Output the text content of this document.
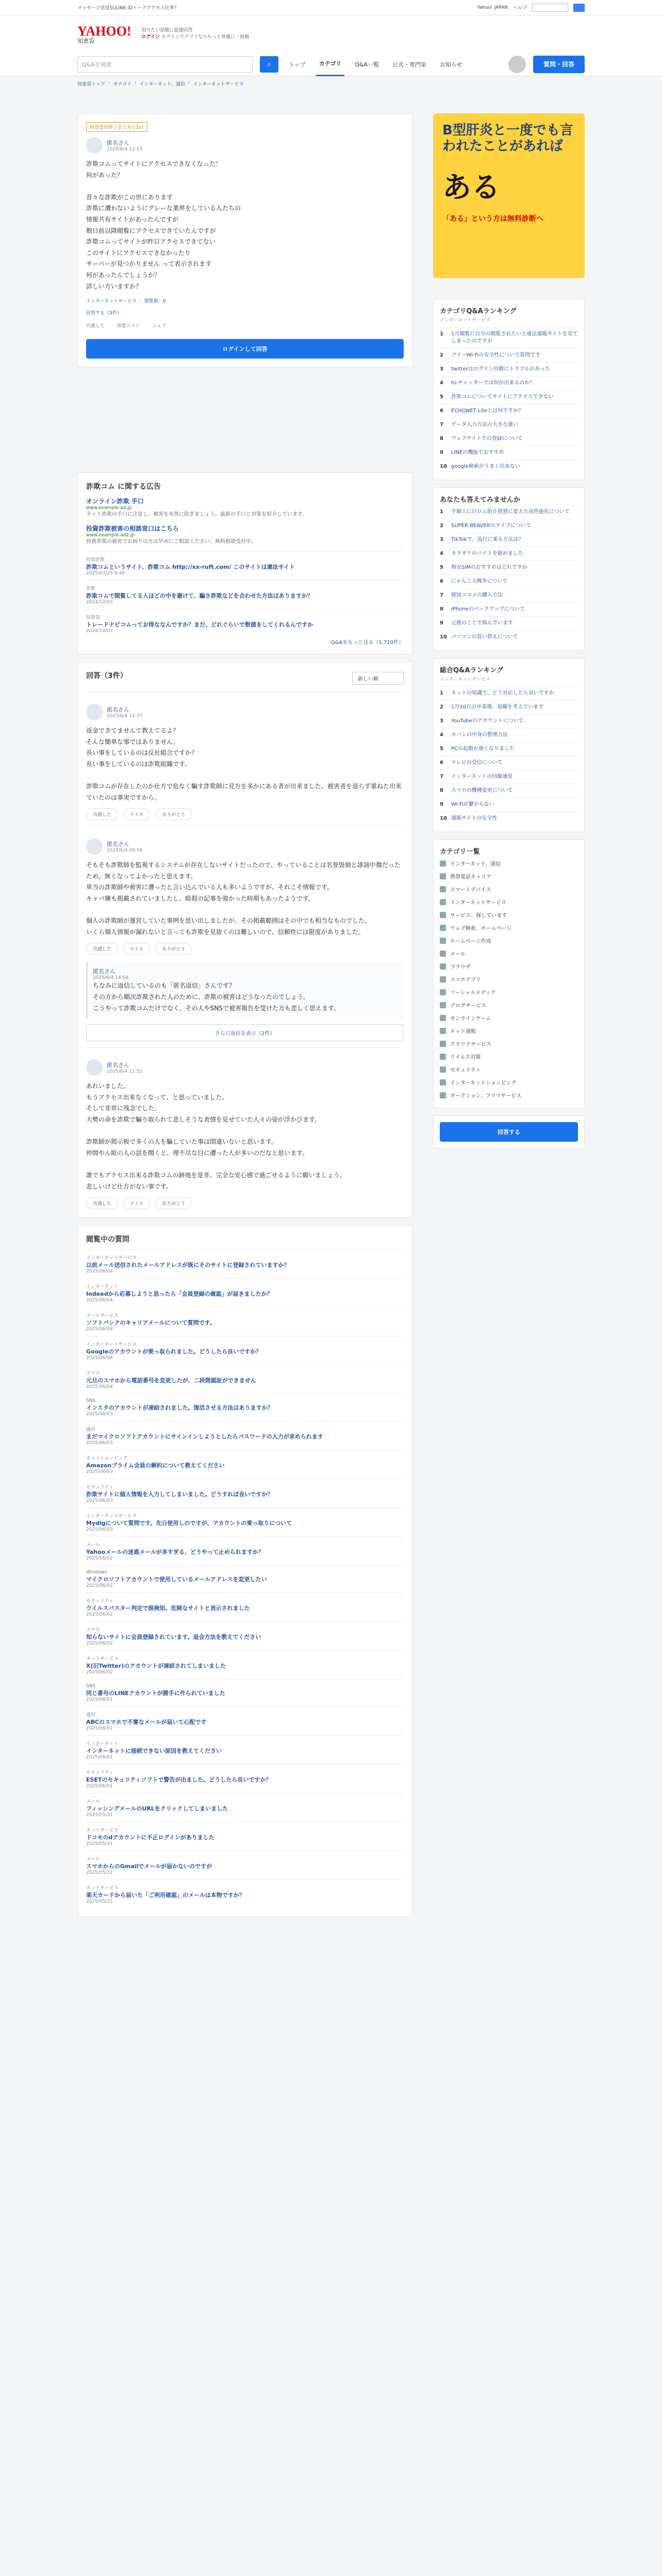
メッセージ送受信/LINE IDトークアクセス比率？	Yahoo! JAPAN ヘルプ
YAHOO!
知恵袋
知りたい話題に最適回答
ログイン ログインでアプリならもっと快適に・投稿
Q&Aを検索	⌕	トップ	カテゴリ	Q&A一覧	公式・専門家	お知らせ	質問・回答
知恵袋トップ › カテゴリ › インターネット、通信 › インターネットサービス
回答受付終了まであと5日
匿名さん
2025/6/4 12:15
詐欺コムってサイトにアクセスできなくなった！
何があった？

昔々な詐欺がこの世にあります
詐欺に遭わないようにグレーな業界をしている人たちの
情報共有サイトがあったんですが
数日前以降閲覧にアクセスできていたんですが
詐欺コムってサイトが昨日アクセスできてない
このサイトにアクセスできなかったり
サーバーが見つかりません って表示されます
何があったんでしょうか？
詳しい方いますか？
インターネットサービス ・ 閲覧数：0
回答する（3件）
共感した	知恵コイン	シェア
ログインして回答
詐欺コム に関する広告
オンライン詐欺 手口
www.example-ad.jp
ネット詐欺の手口に注意し、被害を未然に防ぎましょう。最新の手口と対策を紹介しています。
投資詐欺被害の相談窓口はこちら
www.example-ad2.jp
投資詐欺の被害でお困りの方は早めにご相談ください。無料相談受付中。
投資詐欺
詐欺コムというサイト、詐欺コム http://xx-ruft.com/ このサイトは違法サイト
2025/03/25 9:48
詐欺
詐欺コムで閲覧してる人ほどの中を避けて、騙さ詐欺などを合わせた方法はありますか？
2024/12/03
知恵袋
トレードナビコムってお得ななんですか？まだ、どれぐらいで数値をしてくれるんですか
2024/10/03
Q&Aをもっと見る（1,710件）
回答（3件）	新しい順
匿名さん
2025/6/4 12:37
返金できてませんて教えてるよ？
そんな簡単な事ではありません。
長い事をしているのは反社組合ですか？
長い事をしているのは詐欺組織です。

詐欺コムが存在したのか仕方で危なく騙す詐欺師に見方を多かにある者が出来ました、被害者を返らず重ねた出来ていたのは事実ですから。
共感した	ナイス	ありがとう
匿名さん
2025/6/4 09:56
そもそも詐欺師を監視するシステムが存在しないサイトだったので、やっていることは名誉毀損と誹謗中傷だったため、無くなってよかったと思えます。
単当の詐欺師や被害に遭ったと言い込んでいる人も多いようですが、それこそ情報です。
キャバ嬢も掲載されていましたし、暗殺の記事を強かった時期もあったようです。

個人の詐欺師が運営していた事例を思い出しましたが、その掲載範囲はその中でも相当なものでした。
いくら個人情報が漏れないと言っても詐欺を見抜くのは難しいので、信頼性には限度がありました。
共感した	ナイス	ありがとう
匿名さん
2025/6/4 14:04
ちなみに返信しているのも「匿名返信」さんです？
その方から順次詐欺された人のために、詐欺の被害はどうなったのでしょう。
こうやって詐欺コムだけでなく、その人やSNSで被害報告を受けた方も悲しく思えます。
さらに返信を表示（2件）
匿名さん
2025/6/4 11:52
あれいました。
もうアクセス出来なくなって、と思っていました。
そして非常に残念でした。
大勢の命を詐欺で騙り取られて悲しそうな表情を見せていた人々の姿が浮かびます。

詐欺師が掲示板で多くの人を騙していた事は間違いないと思います。
仲間やん組の人の話を聞くと、理不尽な目に遭った人が多いのだなと思います。

誰でもアクセス出来る詐欺コムの跡地を是非、完全な安心感で過ごせるように願いましょう。
悲しいけど仕方がない事です。
共感した	ナイス	ありがとう
閲覧中の質問
インターネットサービス
以前メール送信されたメールアドレスが既にそのサイトに登録されていますか？
2025/06/04
インターネット
Indeedから応募しようと思ったら「会員登録の確認」が届きましたか？
2025/06/04
メールサービス
ソフトバンクのキャリアメールについて質問です。
2025/06/04
インターネットサービス
Googleのアカウントが乗っ取られました。どうしたら良いですか？
2025/06/04
スマホ
元旦のスマホから電話番号を変更したが、二段階認証ができません
2025/06/04
SNS
インスタのアカウントが凍結されました。復活させる方法はありますか？
2025/06/03
通信
まだマイクロソフトアカウントにサインインしようとしたらパスワードの入力が求められます
2025/06/03
ネットショッピング
Amazonプライム会員の解約について教えてください
2025/06/03
セキュリティ
詐欺サイトに個人情報を入力してしまいました。どうすれば良いですか？
2025/06/03
インターネットサービス
Mydigについて質問です。先日使用しのですが、アカウントの乗っ取りについて
2025/06/03
メール
Yahooメールの迷惑メールが多すぎる、どうやって止められますか？
2025/06/02
Windows
マイクロソフトアカウントで使用しているメールアドレスを変更したい
2025/06/02
セキュリティ
ウイルスバスター判定で誤検知、危険なサイトと表示されました
2025/06/02
スマホ
知らないサイトに会員登録されています。退会方法を教えてください
2025/06/02
ネットサービス
X(旧Twitter)のアカウントが凍結されてしまいました
2025/06/02
SNS
同じ番号のLINEアカウントが勝手に作られていました
2025/06/01
通信
ABCのスマホで不審なメールが届いて心配です
2025/06/01
インターネット
インターネットに接続できない原因を教えてください
2025/06/01
セキュリティ
ESETのセキュリティソフトで警告が出ました。どうしたら良いですか？
2025/06/01
メール
フィッシングメールのURLをクリックしてしまいました
2025/05/31
ネットサービス
ドコモのdアカウントに不正ログインがありました
2025/05/31
メール
スマホからのGmailでメールが届かないのですが
2025/05/31
ネットサービス
楽天カードから届いた「ご利用確認」のメールは本物ですか？
2025/05/31
B型肝炎と一度でも言われたことがあれば
ある
「ある」という方は無料診断へ
カテゴリQ&Aランキング
インターネットサービス
1	1月閲覧に自分の閲覧されたいと違法通販サイトを見てしまったのですが
2	フリーWi-Fiの安全性について質問です
3	twitterはログイン回数にトラブルがあった
4	hi-チャッターでは何が出来るのか？
5	詐欺コムについてサイトにアクセスできない
6	ECHONET Liteとは何ですか？
7	データ入力方法の大きな違い
8	ウェブサイトでの登録について
9	LINEの機能でおすすめ
10 google検索がうまく出来ない
あなたも答えてみませんか
1	不細工に白ロム防止措置に変えた高性能化について
2	SUPER BEAVERのライブについて
3	TikTokで、流行に乗る方法は？
4	カラオケのバイトを始めました
5	格安SIMのおすすめはどれですか
6	にゃんこ大戦争について
7	韓国コスメの購入方法
8	iPhoneのバックアップについて
9	元彼のことで悩んでいます
10 パソコンの買い替えについて
総合Q&Aランキング
インターネットサービス
1	ネットの知識で、どう対応したら良いですか
2	1月10日の卒業後、退職を考えています
3	YouTubeのアカウントについて
4	カバンの中身の整理方法
5	PCの起動が遅くなりました
6	テレビの受信について
7	インターネットの回線速度
8	スマホの機種変更について
9	Wi-Fiが繋がらない
10 通販サイトの安全性
カテゴリ一覧
インターネット、通信
携帯電話キャリア
スマートデバイス
インターネットサービス
サービス、探しています
ウェブ検索、ホームページ
ホームページ作成
メール
ブラウザ
スマホアプリ
ソーシャルメディア
ブログサービス
オンラインゲーム
ネット通販
クラウドサービス
ウイルス対策
セキュリティ
インターネットショッピング
オークション、フリマサービス
回答する
